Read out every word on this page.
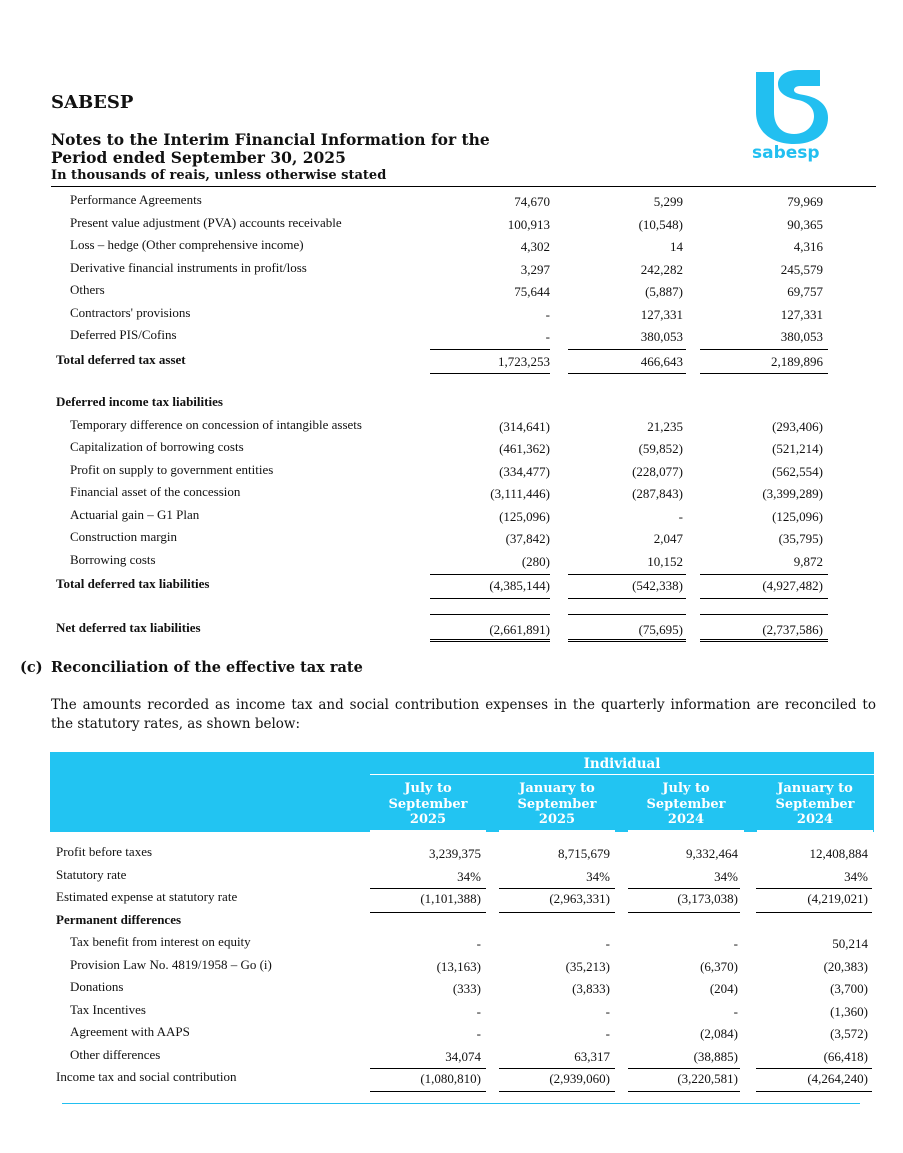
SABESP
Notes to the Interim Financial Information for the
Period ended September 30, 2025
In thousands of reais, unless otherwise stated
sabesp
Performance Agreements	74,670	5,299	79,969
Present value adjustment (PVA) accounts receivable	100,913	(10,548)	90,365
Loss – hedge (Other comprehensive income)	4,302	14	4,316
Derivative financial instruments in profit/loss	3,297	242,282	245,579
Others	75,644	(5,887)	69,757
Contractors' provisions	-	127,331	127,331
Deferred PIS/Cofins	-	380,053	380,053
Total deferred tax asset	1,723,253	466,643	2,189,896
Deferred income tax liabilities
Temporary difference on concession of intangible assets	(314,641)	21,235	(293,406)
Capitalization of borrowing costs	(461,362)	(59,852)	(521,214)
Profit on supply to government entities	(334,477)	(228,077)	(562,554)
Financial asset of the concession	(3,111,446)	(287,843)	(3,399,289)
Actuarial gain – G1 Plan	(125,096)	-	(125,096)
Construction margin	(37,842)	2,047	(35,795)
Borrowing costs	(280)	10,152	9,872
Total deferred tax liabilities	(4,385,144)	(542,338)	(4,927,482)
Net deferred tax liabilities	(2,661,891)	(75,695)	(2,737,586)
(c) Reconciliation of the effective tax rate
The amounts recorded as income tax and social contribution expenses in the quarterly information are reconciled to the statutory rates, as shown below:
Individual
July to
September
2025
January to
September
2025
July to
September
2024
January to
September
2024
Profit before taxes	3,239,375	8,715,679	9,332,464	12,408,884
Statutory rate	34%	34%	34%	34%
Estimated expense at statutory rate	(1,101,388)	(2,963,331)	(3,173,038)	(4,219,021)
Permanent differences
Tax benefit from interest on equity	-	-	-	50,214
Provision Law No. 4819/1958 – Go (i)	(13,163)	(35,213)	(6,370)	(20,383)
Donations	(333)	(3,833)	(204)	(3,700)
Tax Incentives	-	-	-	(1,360)
Agreement with AAPS	-	-	(2,084)	(3,572)
Other differences	34,074	63,317	(38,885)	(66,418)
Income tax and social contribution	(1,080,810)	(2,939,060)	(3,220,581)	(4,264,240)
